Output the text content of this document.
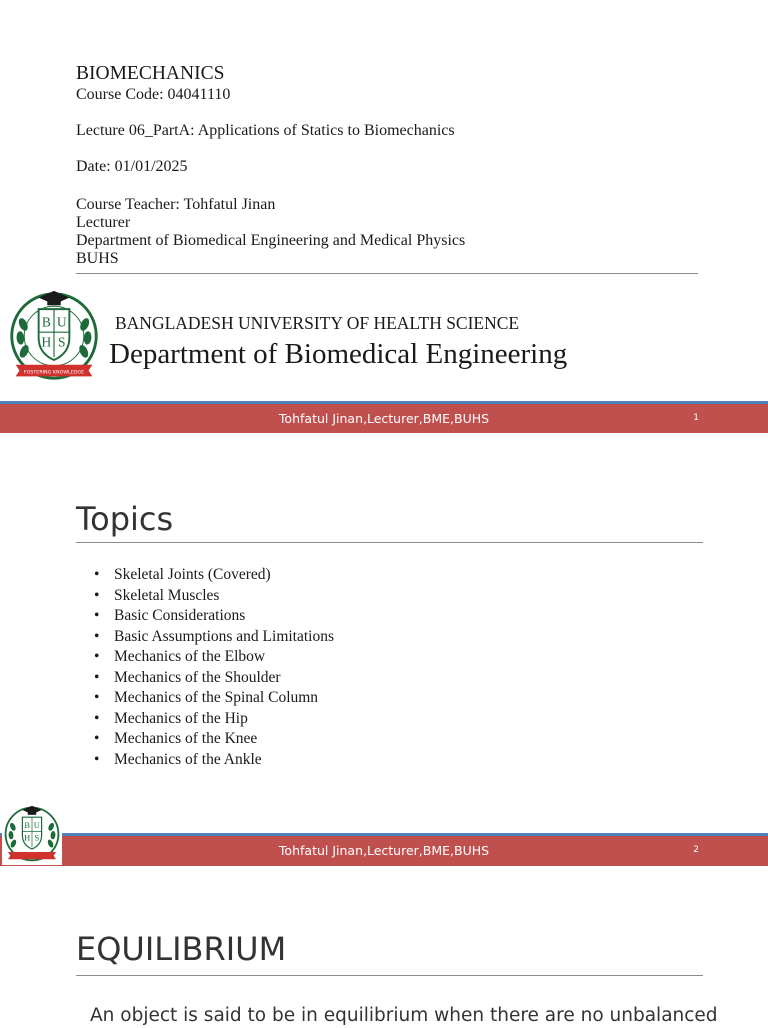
BIOMECHANICS
Course Code: 04041110
Lecture 06_PartA: Applications of Statics to Biomechanics
Date: 01/01/2025
Course Teacher: Tohfatul Jinan
Lecturer
Department of Biomedical Engineering and Medical Physics
BUHS
B U
H S
FOSTERING KNOWLEDGE
BANGLADESH UNIVERSITY OF HEALTH SCIENCE
Department of Biomedical Engineering
Tohfatul Jinan,Lecturer,BME,BUHS	1
Topics
• Skeletal Joints (Covered)
• Skeletal Muscles
• Basic Considerations
• Basic Assumptions and Limitations
• Mechanics of the Elbow
• Mechanics of the Shoulder
• Mechanics of the Spinal Column
• Mechanics of the Hip
• Mechanics of the Knee
• Mechanics of the Ankle
Tohfatul Jinan,Lecturer,BME,BUHS	2
B U
H S
EQUILIBRIUM
An object is said to be in equilibrium when there are no unbalanced
